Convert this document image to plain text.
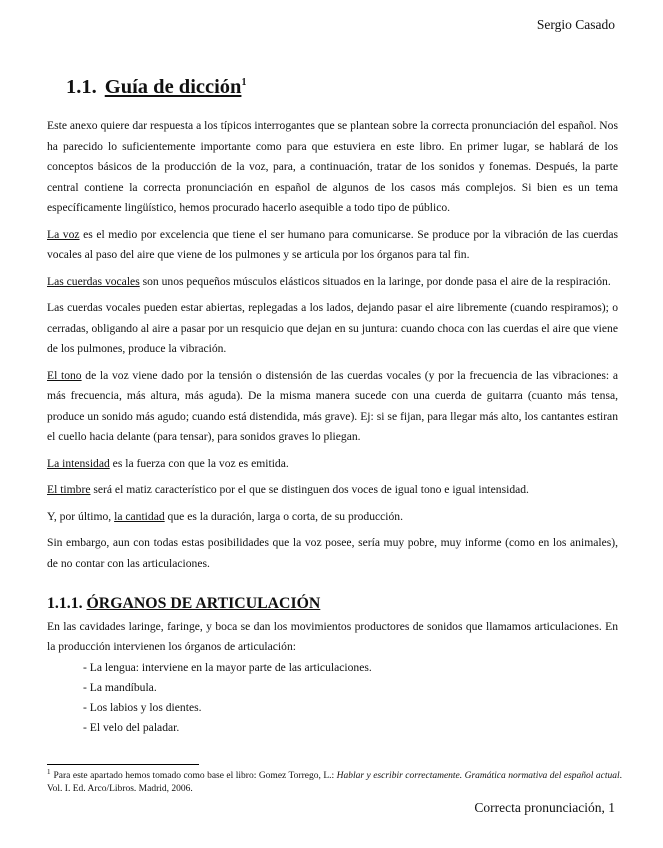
Sergio Casado
1.1. Guía de dicción$^1$

Este anexo quiere dar respuesta a los típicos interrogantes que se plantean sobre la correcta pronunciación del español. Nos ha parecido lo suficientemente importante como para que estuviera en este libro. En primer lugar, se hablará de los conceptos básicos de la producción de la voz, para, a continuación, tratar de los sonidos y fonemas. Después, la parte central contiene la correcta pronunciación en español de algunos de los casos más complejos. Si bien es un tema específicamente lingüístico, hemos procurado hacerlo asequible a todo tipo de público.

La voz es el medio por excelencia que tiene el ser humano para comunicarse. Se produce por la vibración de las cuerdas vocales al paso del aire que viene de los pulmones y se articula por los órganos para tal fin.

Las cuerdas vocales son unos pequeños músculos elásticos situados en la laringe, por donde pasa el aire de la respiración.

Las cuerdas vocales pueden estar abiertas, replegadas a los lados, dejando pasar el aire libremente (cuando respiramos); o cerradas, obligando al aire a pasar por un resquicio que dejan en su juntura: cuando choca con las cuerdas el aire que viene de los pulmones, produce la vibración.

El tono de la voz viene dado por la tensión o distensión de las cuerdas vocales (y por la frecuencia de las vibraciones: a más frecuencia, más altura, más aguda). De la misma manera sucede con una cuerda de guitarra (cuanto más tensa, produce un sonido más agudo; cuando está distendida, más grave). Ej: si se fijan, para llegar más alto, los cantantes estiran el cuello hacia delante (para tensar), para sonidos graves lo pliegan.

La intensidad es la fuerza con que la voz es emitida.

El timbre será el matiz característico por el que se distinguen dos voces de igual tono e igual intensidad.

Y, por último, la cantidad que es la duración, larga o corta, de su producción.

Sin embargo, aun con todas estas posibilidades que la voz posee, sería muy pobre, muy informe (como en los animales), de no contar con las articulaciones.

1.1.1. ÓRGANOS DE ARTICULACIÓN

En las cavidades laringe, faringe, y boca se dan los movimientos productores de sonidos que llamamos articulaciones. En la producción intervienen los órganos de articulación:

- La lengua: interviene en la mayor parte de las articulaciones.
- La mandíbula.
- Los labios y los dientes.
- El velo del paladar.
$^1$ Para este apartado hemos tomado como base el libro: Gomez Torrego, L.: Hablar y escribir correctamente. Gramática normativa del español actual. Vol. I. Ed. Arco/Libros. Madrid, 2006.
Correcta pronunciación, 1
